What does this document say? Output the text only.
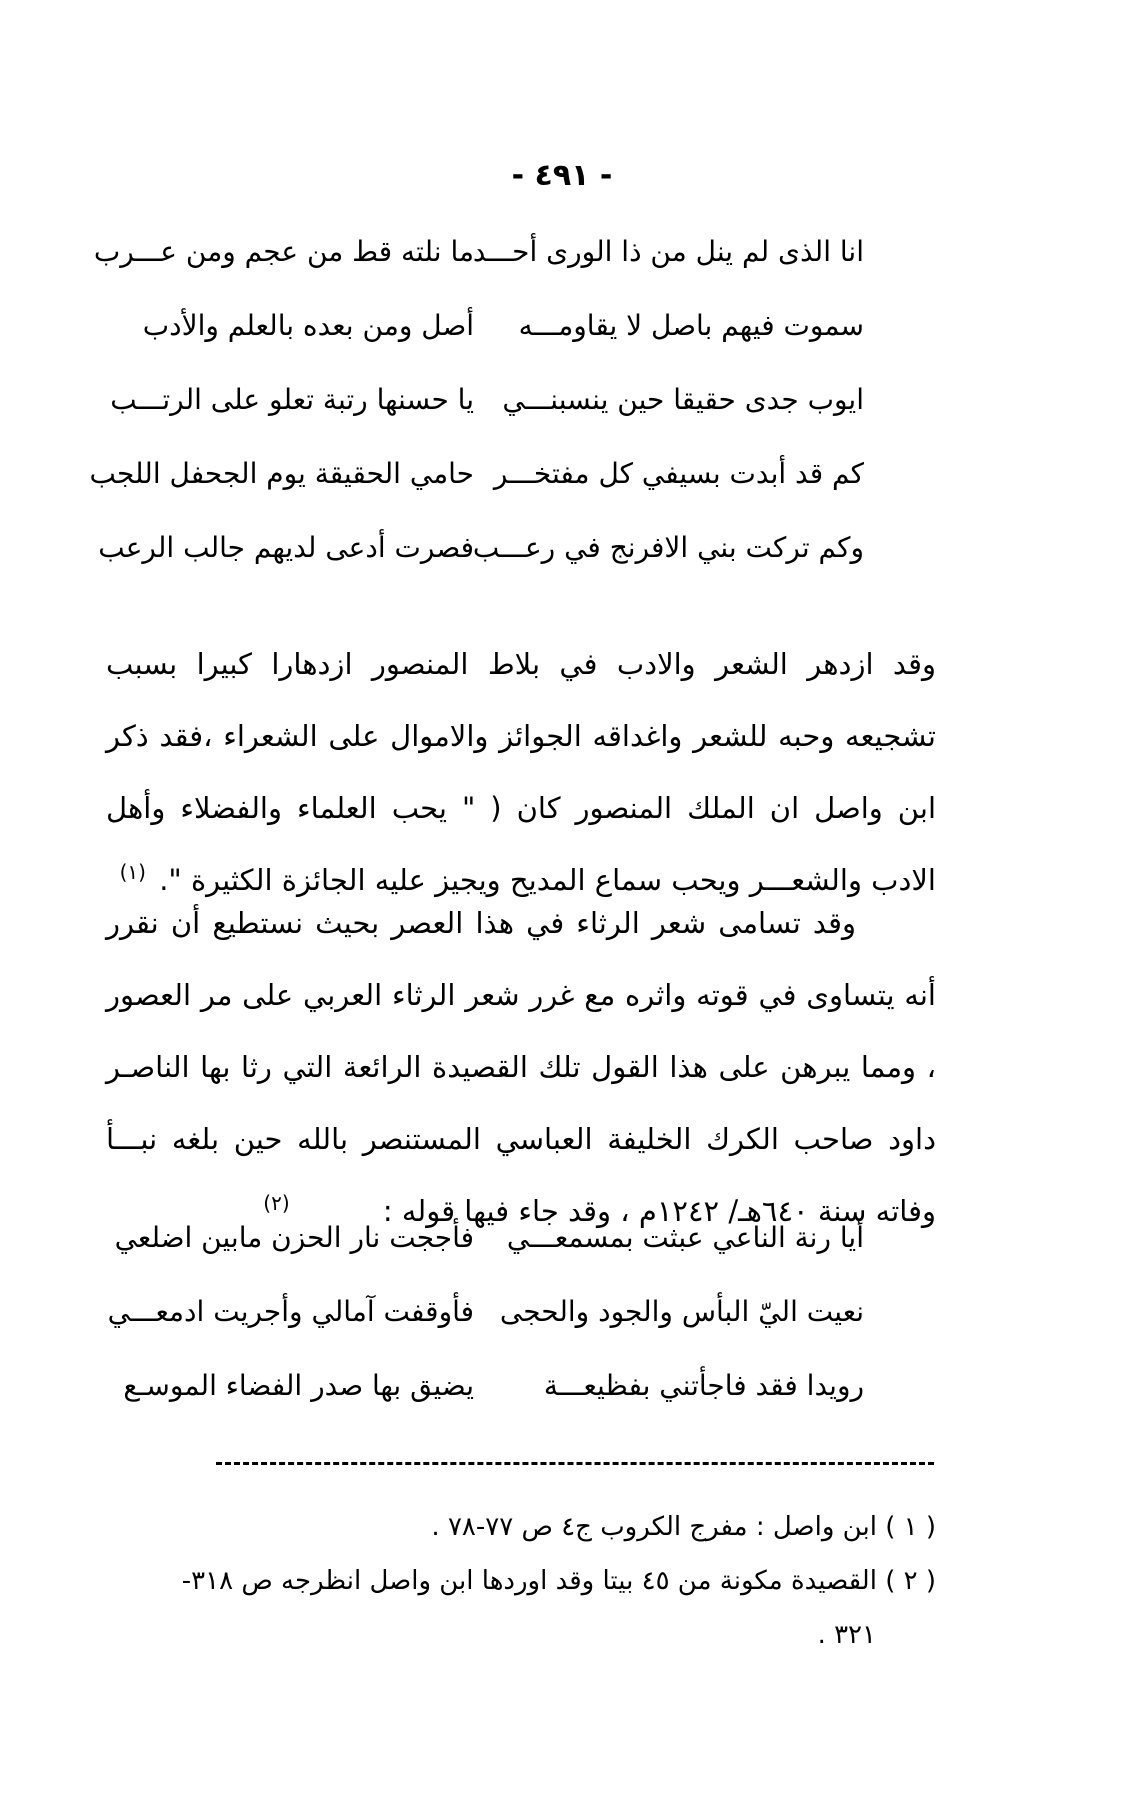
- ٤٩١ -
انا الذى لم ينل من ذا الورى أحـــد
ما نلته قط من عجم ومن عـــرب
سموت فيهم باصل لا يقاومـــه
أصل ومن بعده بالعلم والأدب
ايوب جدى حقيقا حين ينسبنـــي
يا حسنها رتبة تعلو على الرتـــب
كم قد أبدت بسيفي كل مفتخـــر
حامي الحقيقة يوم الجحفل اللجب
وكم تركت بني الافرنج في رعـــب
فصرت أدعى لديهم جالب الرعب

وقد ازدهر الشعر والادب في بلاط المنصور ازدهارا كبيرا بسبب تشجيعه وحبه للشعر واغداقه الجوائز والاموال على الشعراء ،فقد ذكر ابن واصل ان الملك المنصور كان ( " يحب العلماء والفضلاء وأهل الادب والشعـــر ويحب سماع المديح ويجيز عليه الجائزة الكثيرة ". (١)

وقد تسامى شعر الرثاء في هذا العصر بحيث نستطيع أن نقرر أنه يتساوى في قوته واثره مع غرر شعر الرثاء العربي على مر العصور ، ومما يبرهن على هذا القول تلك القصيدة الرائعة التي رثا بها الناصـر داود صاحب الكرك الخليفة العباسي المستنصر بالله حين بلغه نبـــأ وفاته سنة ٦٤٠هـ/ ١٢٤٢م ، وقد جاء فيها قوله : (٢)

أيا رنة الناعي عبثت بمسمعـــي
فأججت نار الحزن مابين اضلعي
نعيت اليّ البأس والجود والحجى
فأوقفت آمالي وأجريت ادمعـــي
رويدا فقد فاجأتني بفظيعـــة
يضيق بها صدر الفضاء الموسـع

( ١ ) ابن واصل : مفرج الكروب ج٤ ص ٧٧-٧٨ .

( ٢ ) القصيدة مكونة من ٤٥ بيتا وقد اوردها ابن واصل انظرجه ص ٣١٨-

٣٢١ .
